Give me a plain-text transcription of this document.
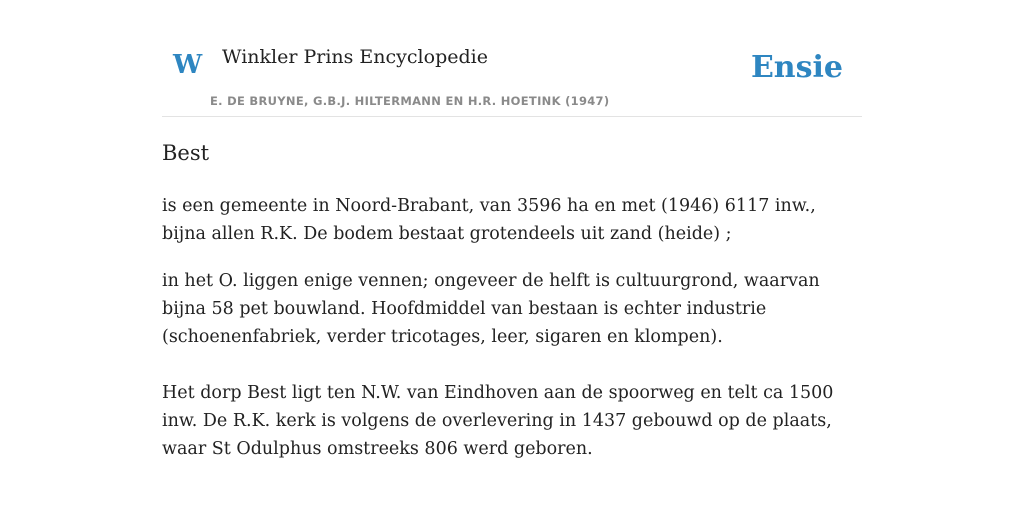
W Winkler Prins Encyclopedie
E. DE BRUYNE, G.B.J. HILTERMANN EN H.R. HOETINK (1947)
Ensie
Best

is een gemeente in Noord-Brabant, van 3596 ha en met (1946) 6117 inw., bijna allen R.K. De bodem bestaat grotendeels uit zand (heide) ;

in het O. liggen enige vennen; ongeveer de helft is cultuurgrond, waarvan bijna 58 pet bouwland. Hoofdmiddel van bestaan is echter industrie (schoenenfabriek, verder tricotages, leer, sigaren en klompen).

Het dorp Best ligt ten N.W. van Eindhoven aan de spoorweg en telt ca 1500 inw. De R.K. kerk is volgens de overlevering in 1437 gebouwd op de plaats, waar St Odulphus omstreeks 806 werd geboren.
